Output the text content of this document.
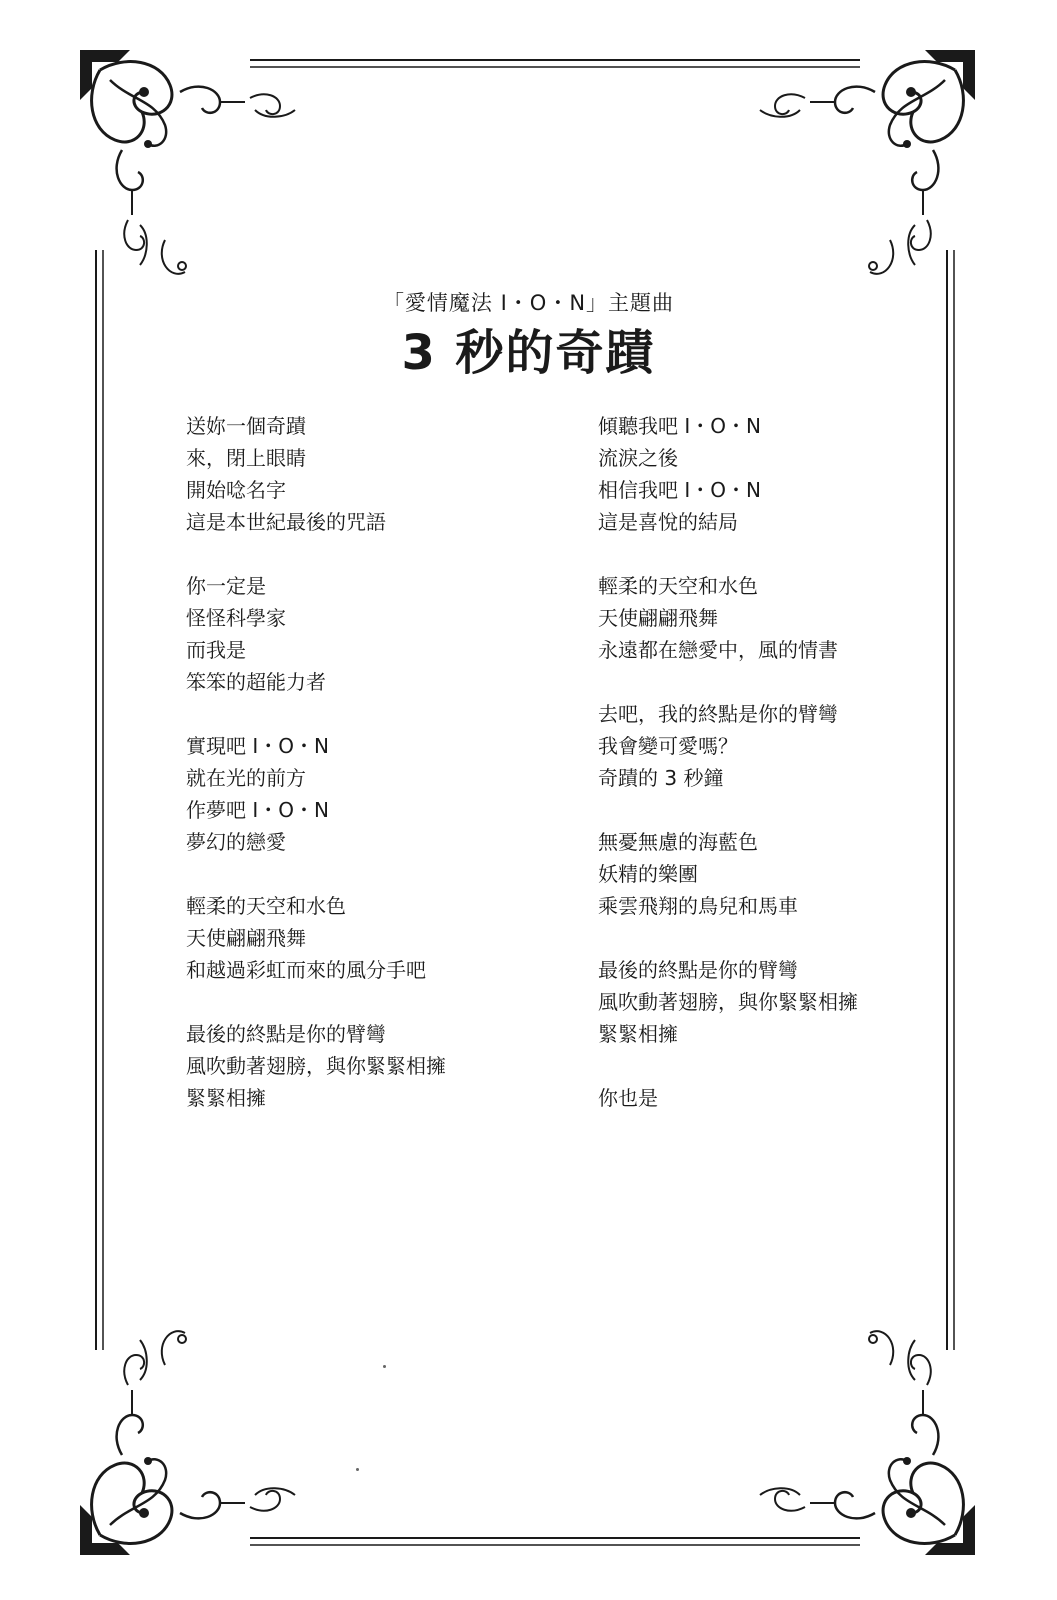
「愛情魔法 I・O・N」主題曲
3 秒的奇蹟
送妳一個奇蹟
來，閉上眼睛
開始唸名字
這是本世紀最後的咒語
你一定是
怪怪科學家
而我是
笨笨的超能力者
實現吧 I・O・N
就在光的前方
作夢吧 I・O・N
夢幻的戀愛
輕柔的天空和水色
天使翩翩飛舞
和越過彩虹而來的風分手吧
最後的終點是你的臂彎
風吹動著翅膀，與你緊緊相擁
緊緊相擁
傾聽我吧 I・O・N
流淚之後
相信我吧 I・O・N
這是喜悅的結局
輕柔的天空和水色
天使翩翩飛舞
永遠都在戀愛中，風的情書
去吧，我的終點是你的臂彎
我會變可愛嗎？
奇蹟的 3 秒鐘
無憂無慮的海藍色
妖精的樂團
乘雲飛翔的鳥兒和馬車
最後的終點是你的臂彎
風吹動著翅膀，與你緊緊相擁
緊緊相擁
你也是
